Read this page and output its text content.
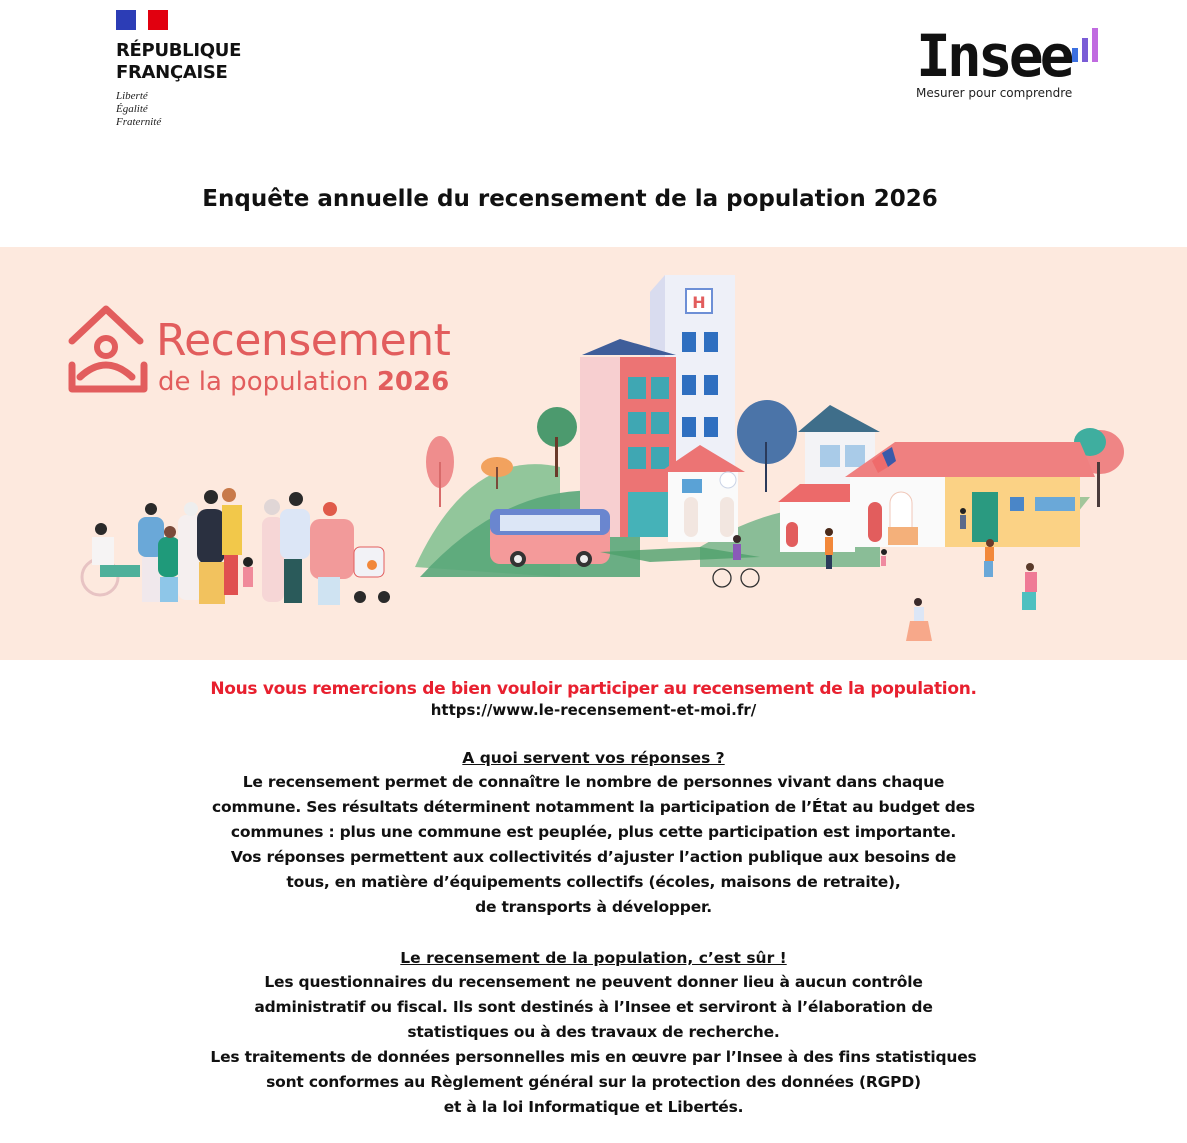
RÉPUBLIQUE
FRANÇAISE
Liberté
Égalité
Fraternité
Insee
Mesurer pour comprendre
Enquête annuelle du recensement de la population 2026
H
Recensement
de la population 2026
Nous vous remercions de bien vouloir participer au recensement de la population.
https://www.le-recensement-et-moi.fr/
A quoi servent vos réponses ?
Le recensement permet de connaître le nombre de personnes vivant dans chaque
commune. Ses résultats déterminent notamment la participation de l’État au budget des
communes : plus une commune est peuplée, plus cette participation est importante.
Vos réponses permettent aux collectivités d’ajuster l’action publique aux besoins de
tous, en matière d’équipements collectifs (écoles, maisons de retraite),
de transports à développer.
Le recensement de la population, c’est sûr !
Les questionnaires du recensement ne peuvent donner lieu à aucun contrôle
administratif ou fiscal. Ils sont destinés à l’Insee et serviront à l’élaboration de
statistiques ou à des travaux de recherche.
Les traitements de données personnelles mis en œuvre par l’Insee à des fins statistiques
sont conformes au Règlement général sur la protection des données (RGPD)
et à la loi Informatique et Libertés.
